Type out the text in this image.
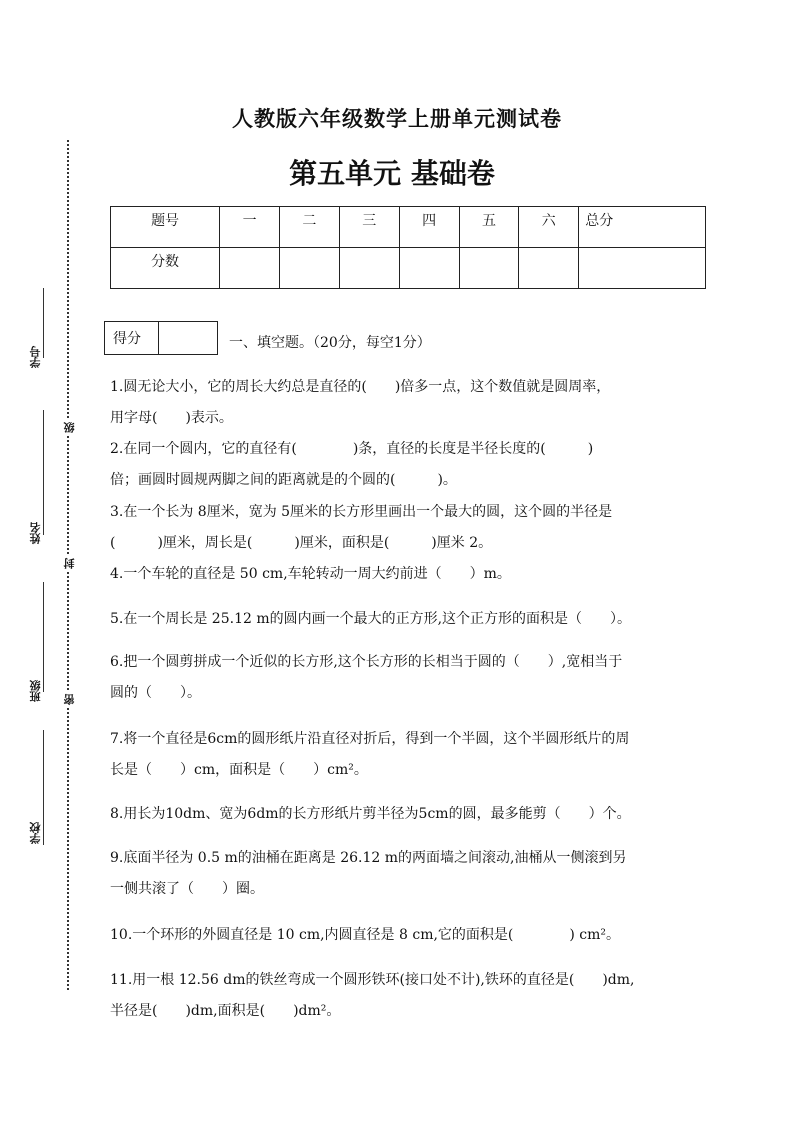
学号
姓名
班级
学校
级
封
密
人教版六年级数学上册单元测试卷
第五单元 基础卷
题号	一	二	三	四	五	六	总分
分数							
得分	一、填空题。（20分，每空1分）
1.圆无论大小，它的周长大约总是直径的(　　)倍多一点，这个数值就是圆周率，
用字母(　　)表示。
2.在同一个圆内，它的直径有(　　　　)条，直径的长度是半径长度的(　　　)
倍；画圆时圆规两脚之间的距离就是的个圆的(　　　)。
3.在一个长为 8厘米，宽为 5厘米的长方形里画出一个最大的圆，这个圆的半径是
(　　　)厘米，周长是(　　　)厘米，面积是(　　　)厘米 2。
4.一个车轮的直径是 50 cm,车轮转动一周大约前进（　　）m。
5.在一个周长是 25.12 m的圆内画一个最大的正方形,这个正方形的面积是（　　）。
6.把一个圆剪拼成一个近似的长方形,这个长方形的长相当于圆的（　　）,宽相当于
圆的（　　）。
7.将一个直径是6cm的圆形纸片沿直径对折后，得到一个半圆，这个半圆形纸片的周
长是（　　）cm，面积是（　　）cm²。
8.用长为10dm、宽为6dm的长方形纸片剪半径为5cm的圆，最多能剪（　　）个。
9.底面半径为 0.5 m的油桶在距离是 26.12 m的两面墙之间滚动,油桶从一侧滚到另
一侧共滚了（　　）圈。
10.一个环形的外圆直径是 10 cm,内圆直径是 8 cm,它的面积是(　　　　) cm²。
11.用一根 12.56 dm的铁丝弯成一个圆形铁环(接口处不计),铁环的直径是(　　)dm,
半径是(　　)dm,面积是(　　)dm²。
